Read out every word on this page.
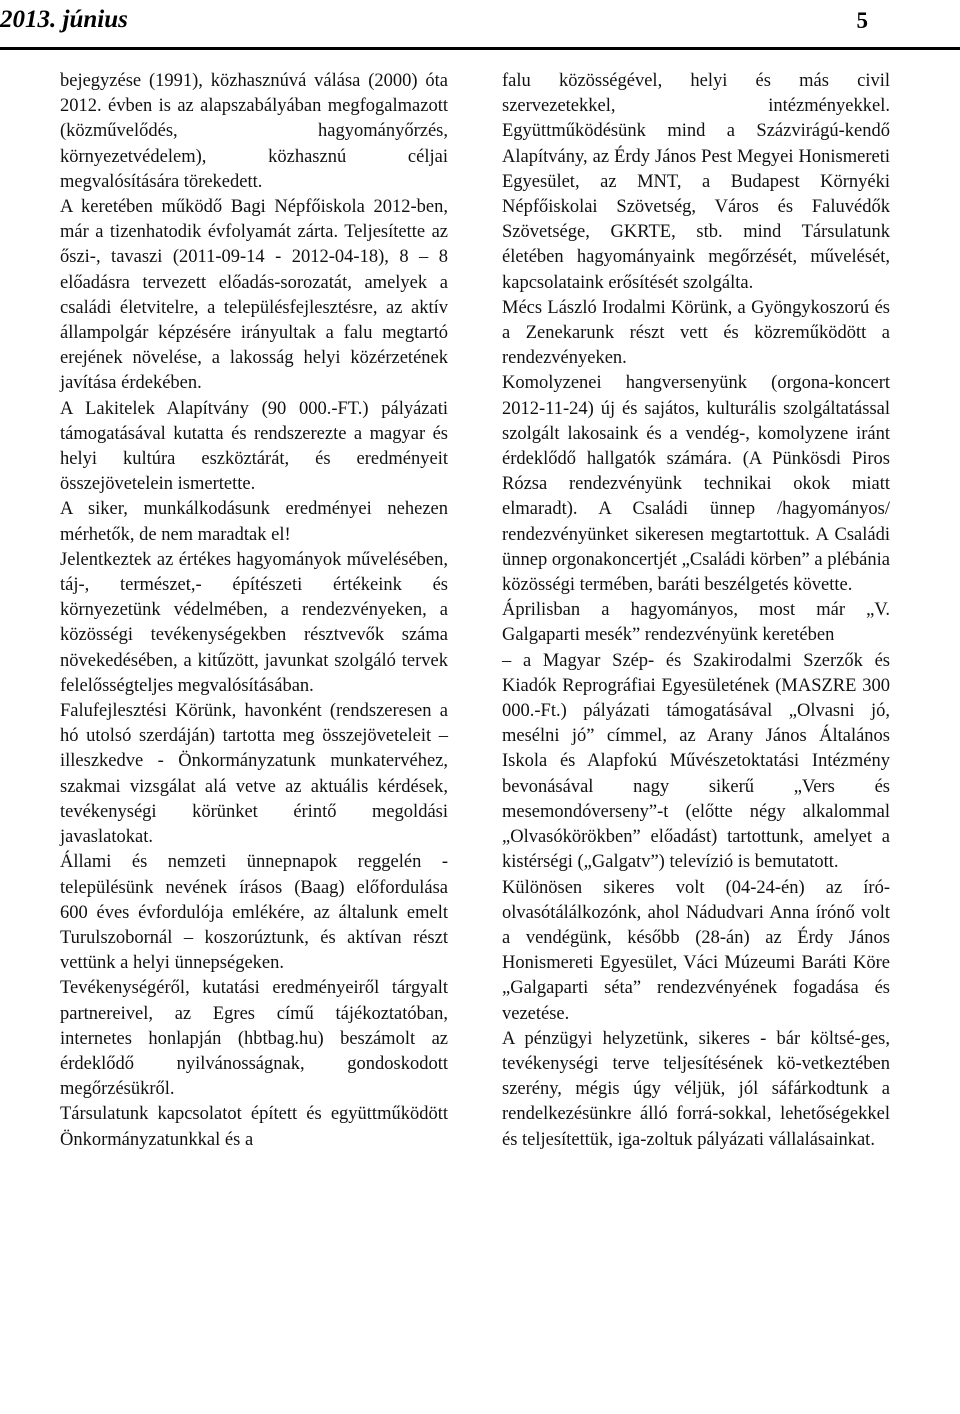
2013. június	5

bejegyzése (1991), közhasznúvá válása (2000) óta 2012. évben is az alapszabályában megfogalmazott (közművelődés, hagyományőrzés, környezetvédelem), közhasznú céljai megvalósítására törekedett.

A keretében működő Bagi Népfőiskola 2012-ben, már a tizenhatodik évfolyamát zárta. Teljesítette az őszi-, tavaszi (2011-09-14 - 2012-04-18), 8 – 8 előadásra tervezett előadás-sorozatát, amelyek a családi életvitelre, a településfejlesztésre, az aktív állampolgár képzésére irányultak a falu megtartó erejének növelése, a lakosság helyi közérzetének javítása érdekében.

A Lakitelek Alapítvány (90 000.-FT.) pályázati támogatásával kutatta és rendszerezte a magyar és helyi kultúra eszköztárát, és eredményeit összejövetelein ismertette.

A siker, munkálkodásunk eredményei nehezen mérhetők, de nem maradtak el!

Jelentkeztek az értékes hagyományok művelésében, táj-, természet,- építészeti értékeink és környezetünk védelmében, a rendezvényeken, a közösségi tevékenységekben résztvevők száma növekedésében, a kitűzött, javunkat szolgáló tervek felelősségteljes megvalósításában.

Falufejlesztési Körünk, havonként (rendszeresen a hó utolsó szerdáján) tartotta meg összejöveteleit – illeszkedve - Önkormányzatunk munkatervéhez, szakmai vizsgálat alá vetve az aktuális kérdések, tevékenységi körünket érintő megoldási javaslatokat.

Állami és nemzeti ünnepnapok reggelén - településünk nevének írásos (Baag) előfordulása 600 éves évfordulója emlékére, az általunk emelt Turulszobornál – koszorúztunk, és aktívan részt vettünk a helyi ünnepségeken.

Tevékenységéről, kutatási eredményeiről tárgyalt partnereivel, az Egres című tájékoztatóban, internetes honlapján (hbtbag.hu) beszámolt az érdeklődő nyilvánosságnak, gondoskodott megőrzésükről.

Társulatunk kapcsolatot épített és együttműködött Önkormányzatunkkal és a

falu közösségével, helyi és más civil szervezetekkel, intézményekkel. Együttműködésünk mind a Százvirágú-kendő Alapítvány, az Érdy János Pest Megyei Honismereti Egyesület, az MNT, a Budapest Környéki Népfőiskolai Szövetség, Város és Faluvédők Szövetsége, GKRTE, stb. mind Társulatunk életében hagyományaink megőrzését, művelését, kapcsolataink erősítését szolgálta.

Mécs László Irodalmi Körünk, a Gyöngykoszorú és a Zenekarunk részt vett és közreműködött a rendezvényeken.

Komolyzenei hangversenyünk (orgona-koncert 2012-11-24) új és sajátos, kulturális szolgáltatással szolgált lakosaink és a vendég-, komolyzene iránt érdeklődő hallgatók számára. (A Pünkösdi Piros Rózsa rendezvényünk technikai okok miatt elmaradt). A Családi ünnep /hagyományos/ rendezvényünket sikeresen megtartottuk. A Családi ünnep orgonakoncertjét „Családi körben” a plébánia közösségi termében, baráti beszélgetés követte.

Áprilisban a hagyományos, most már „V. Galgaparti mesék” rendezvényünk keretében

– a Magyar Szép- és Szakirodalmi Szerzők és Kiadók Reprográfiai Egyesületének (MASZRE 300 000.-Ft.) pályázati támogatásával „Olvasni jó, mesélni jó” címmel, az Arany János Általános Iskola és Alapfokú Művészetoktatási Intézmény bevonásával nagy sikerű „Vers és mesemondóverseny”-t (előtte négy alkalommal „Olvasókörökben” előadást) tartottunk, amelyet a kistérségi („Galgatv”) televízió is bemutatott.

Különösen sikeres volt (04-24-én) az író-olvasótálálkozónk, ahol Nádudvari Anna írónő volt a vendégünk, később (28-án) az Érdy János Honismereti Egyesület, Váci Múzeumi Baráti Köre „Galgaparti séta” rendezvényének fogadása és vezetése.

A pénzügyi helyzetünk, sikeres - bár költsé-ges, tevékenységi terve teljesítésének kö-vetkeztében szerény, mégis úgy véljük, jól sáfárkodtunk a rendelkezésünkre álló forrá-sokkal, lehetőségekkel és teljesítettük, iga-zoltuk pályázati vállalásainkat.
